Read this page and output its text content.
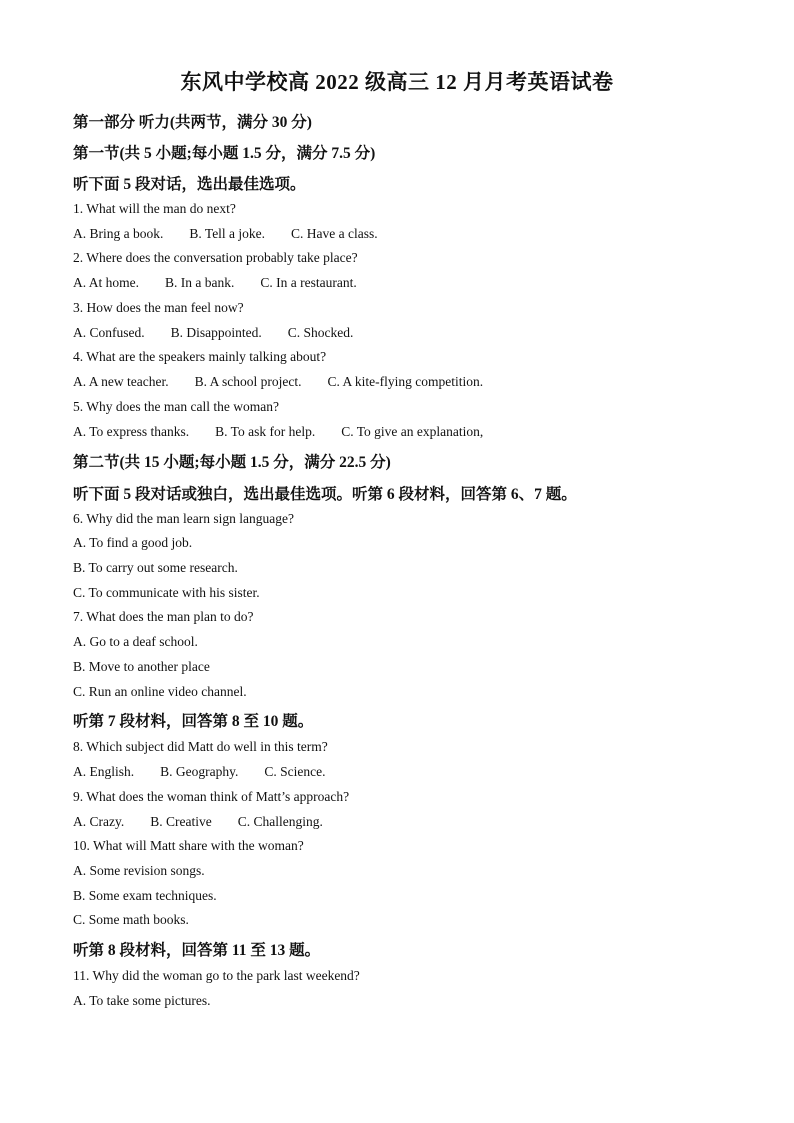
东风中学校高 2022 级高三 12 月月考英语试卷
第一部分 听力(共两节，满分 30 分)
第一节(共 5 小题;每小题 1.5 分，满分 7.5 分)
听下面 5 段对话，选出最佳选项。
1. What will the man do next?
A. Bring a book. B. Tell a joke. C. Have a class.
2. Where does the conversation probably take place?
A. At home. B. In a bank. C. In a restaurant.
3. How does the man feel now?
A. Confused. B. Disappointed. C. Shocked.
4. What are the speakers mainly talking about?
A. A new teacher. B. A school project. C. A kite-flying competition.
5. Why does the man call the woman?
A. To express thanks. B. To ask for help. C. To give an explanation,
第二节(共 15 小题;每小题 1.5 分，满分 22.5 分)
听下面 5 段对话或独白，选出最佳选项。听第 6 段材料，回答第 6、7 题。
6. Why did the man learn sign language?
A. To find a good job.
B. To carry out some research.
C. To communicate with his sister.
7. What does the man plan to do?
A. Go to a deaf school.
B. Move to another place
C. Run an online video channel.
听第 7 段材料，回答第 8 至 10 题。
8. Which subject did Matt do well in this term?
A. English. B. Geography. C. Science.
9. What does the woman think of Matt’s approach?
A. Crazy. B. Creative C. Challenging.
10. What will Matt share with the woman?
A. Some revision songs.
B. Some exam techniques.
C. Some math books.
听第 8 段材料，回答第 11 至 13 题。
11. Why did the woman go to the park last weekend?
A. To take some pictures.
